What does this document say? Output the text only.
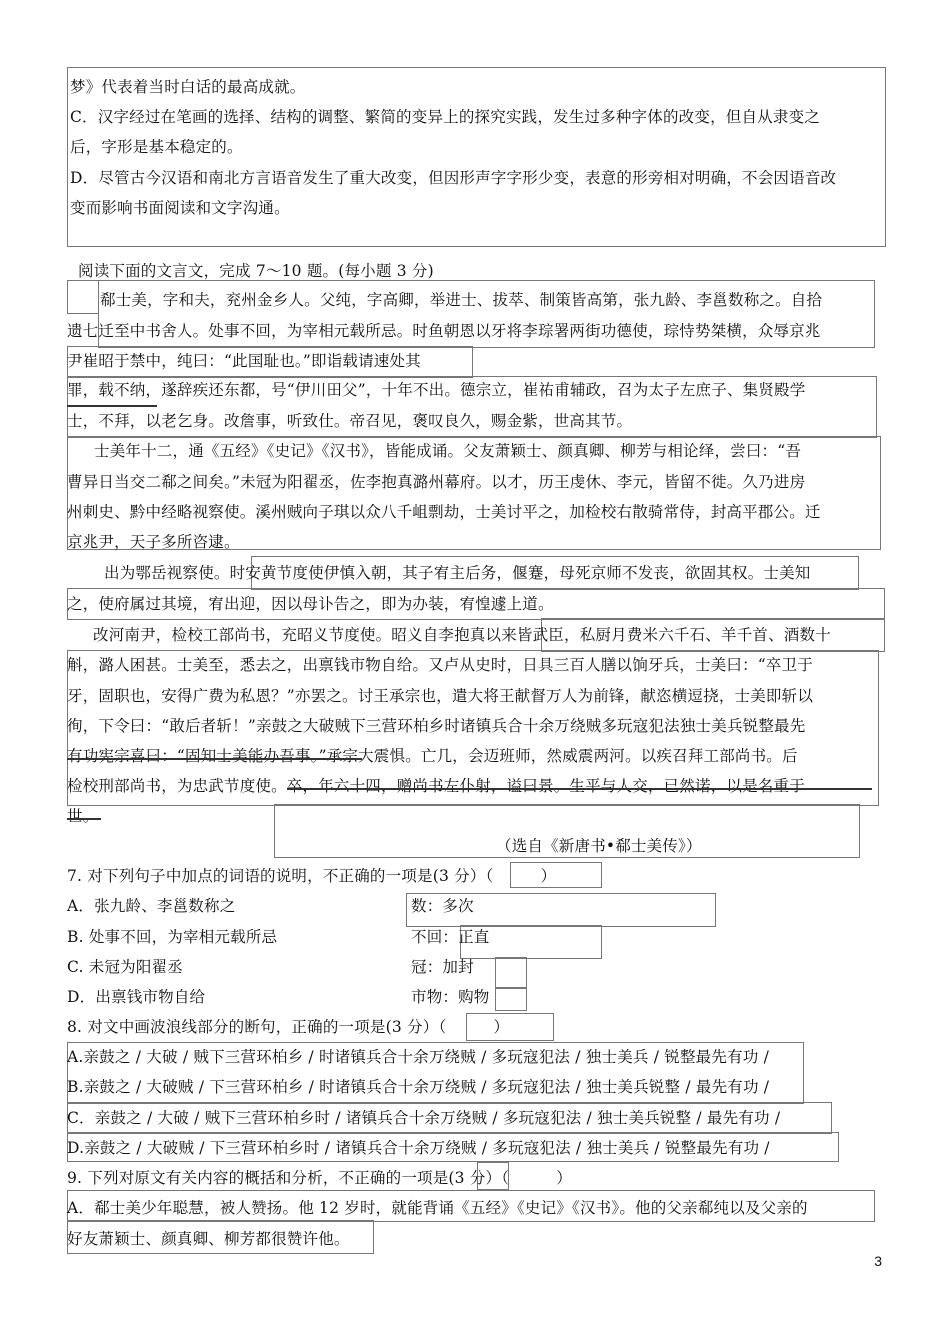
梦》代表着当时白话的最高成就。
C．汉字经过在笔画的选择、结构的调整、繁简的变异上的探究实践，发生过多种字体的改变，但自从隶变之
后，字形是基本稳定的。
D．尽管古今汉语和南北方言语音发生了重大改变，但因形声字字形少变，表意的形旁相对明确，不会因语音改
变而影响书面阅读和文字沟通。
阅读下面的文言文，完成 7～10 题。(每小题 3 分)
郗士美，字和夫，兖州金乡人。父纯，字高卿，举进士、拔萃、制策皆高第，张九龄、李邕数称之。自拾
遗七迁至中书舍人。处事不回，为宰相元载所忌。时鱼朝恩以牙将李琮署两街功德使，琮恃势桀横，众辱京兆
尹崔昭于禁中，纯曰：“此国耻也。”即诣载请速处其
罪，载不纳，遂辞疾还东都，号“伊川田父”，十年不出。德宗立，崔祐甫辅政，召为太子左庶子、集贤殿学
士，不拜，以老乞身。改詹事，听致仕。帝召见，褒叹良久，赐金紫，世高其节。
士美年十二，通《五经》《史记》《汉书》，皆能成诵。父友萧颖士、颜真卿、柳芳与相论绎，尝曰：“吾
曹异日当交二郗之间矣。”未冠为阳翟丞，佐李抱真潞州幕府。以才，历王虔休、李元，皆留不徙。久乃进房
州刺史、黔中经略视察使。溪州贼向子琪以众八千岨剽劫，士美讨平之，加检校右散骑常侍，封高平郡公。迁
京兆尹，天子多所咨逮。
出为鄂岳视察使。时安黄节度使伊慎入朝，其子宥主后务，偃蹇，母死京师不发丧，欲固其权。士美知
之，使府属过其境，宥出迎，因以母讣告之，即为办装，宥惶遽上道。
改河南尹，检校工部尚书，充昭义节度使。昭义自李抱真以来皆武臣，私厨月费米六千石、羊千首、酒数十
斛，潞人困甚。士美至，悉去之，出禀钱市物自给。又卢从史时，日具三百人膳以饷牙兵，士美曰：“卒卫于
牙，固职也，安得广费为私恩？”亦罢之。讨王承宗也，遣大将王献督万人为前锋，献恣横逗挠，士美即斩以
徇，下令曰：“敢后者斩！”亲鼓之大破贼下三营环柏乡时诸镇兵合十余万绕贼多玩寇犯法独士美兵锐整最先
有功宪宗喜曰：“固知士美能办吾事。”承宗大震惧。亡几，会迈班师，然威震两河。以疾召拜工部尚书。后
检校刑部尚书，为忠武节度使。卒，年六十四，赠尚书左仆射，谥曰景。生平与人交，已然诺，以是名重于
世。
（选自《新唐书•郗士美传》）
7. 对下列句子中加点的词语的说明，不正确的一项是(3 分）（　　　）
A．张九龄、李邕数称之	数：多次
B. 处事不回，为宰相元载所忌	不回：正直
C. 未冠为阳翟丞	冠：加封
D．出禀钱市物自给	市物：购物
8. 对文中画波浪线部分的断句，正确的一项是(3 分）（　　　）
A.亲鼓之 / 大破 / 贼下三营环柏乡 / 时诸镇兵合十余万绕贼 / 多玩寇犯法 / 独士美兵 / 锐整最先有功 /
B.亲鼓之 / 大破贼 / 下三营环柏乡 / 时诸镇兵合十余万绕贼 / 多玩寇犯法 / 独士美兵锐整 / 最先有功 /
C．亲鼓之 / 大破 / 贼下三营环柏乡时 / 诸镇兵合十余万绕贼 / 多玩寇犯法 / 独士美兵锐整 / 最先有功 /
D.亲鼓之 / 大破贼 / 下三营环柏乡时 / 诸镇兵合十余万绕贼 / 多玩寇犯法 / 独士美兵 / 锐整最先有功 /
9. 下列对原文有关内容的概括和分析，不正确的一项是(3 分）（　　　）
A．郗士美少年聪慧，被人赞扬。他 12 岁时，就能背诵《五经》《史记》《汉书》。他的父亲郗纯以及父亲的
好友萧颖士、颜真卿、柳芳都很赞许他。
3
